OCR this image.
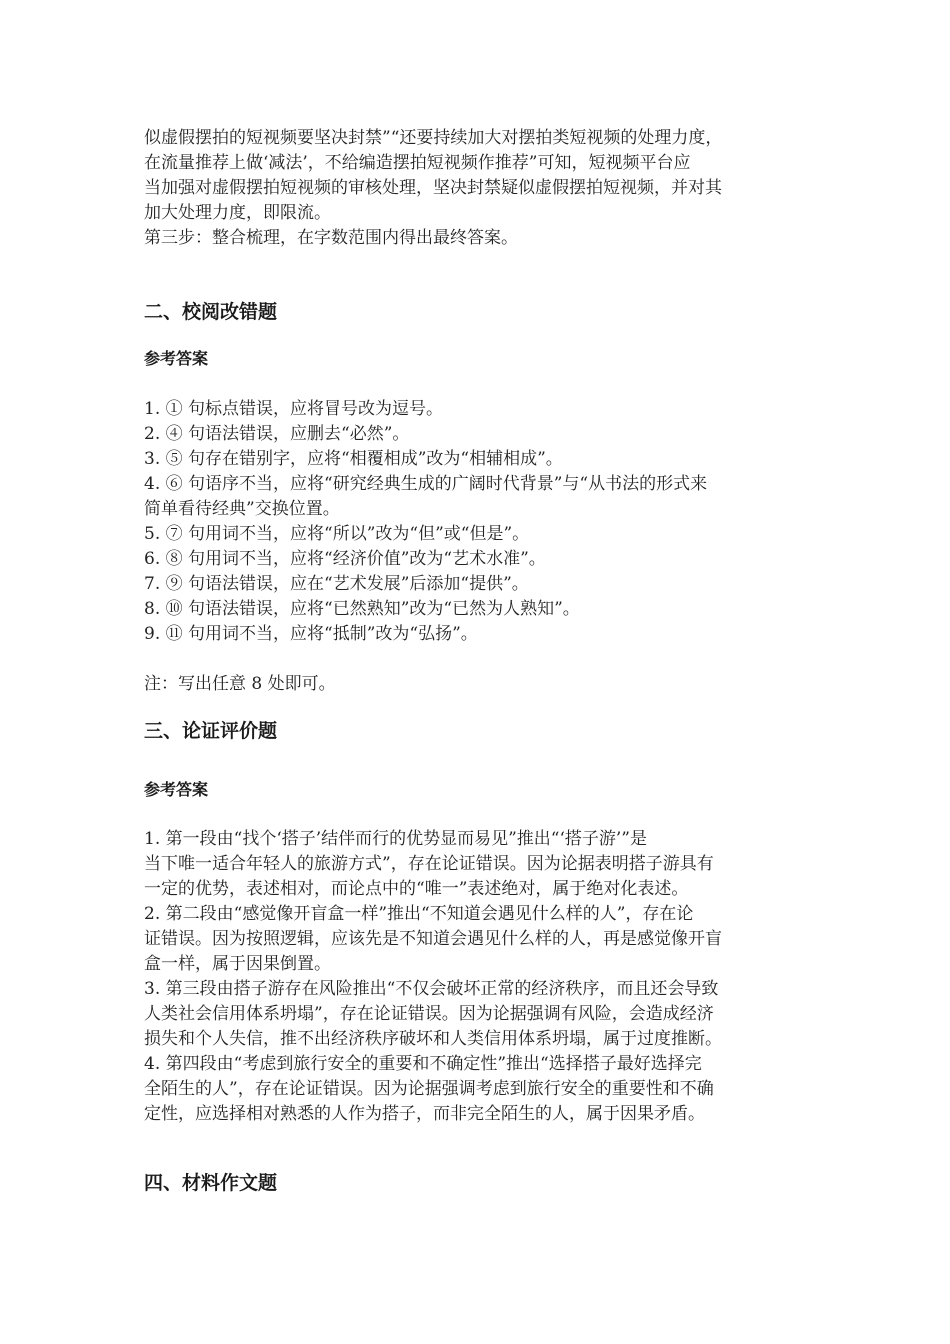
似虚假摆拍的短视频要坚决封禁”“还要持续加大对摆拍类短视频的处理力度，

在流量推荐上做‘减法’，不给编造摆拍短视频作推荐”可知，短视频平台应

当加强对虚假摆拍短视频的审核处理，坚决封禁疑似虚假摆拍短视频，并对其

加大处理力度，即限流。

第三步：整合梳理，在字数范围内得出最终答案。

二、校阅改错题
参考答案
1. ① 句标点错误，应将冒号改为逗号。
2. ④ 句语法错误，应删去“必然”。
3. ⑤ 句存在错别字，应将“相覆相成”改为“相辅相成”。
4. ⑥ 句语序不当，应将“研究经典生成的广阔时代背景”与“从书法的形式来
简单看待经典”交换位置。
5. ⑦ 句用词不当，应将“所以”改为“但”或“但是”。
6. ⑧ 句用词不当，应将“经济价值”改为“艺术水准”。
7. ⑨ 句语法错误，应在“艺术发展”后添加“提供”。
8. ⑩ 句语法错误，应将“已然熟知”改为“已然为人熟知”。
9. ⑪ 句用词不当，应将“抵制”改为“弘扬”。

注：写出任意 8 处即可。

三、论证评价题
参考答案

1. 第一段由“找个‘搭子’结伴而行的优势显而易见”推出“‘搭子游’”是

当下唯一适合年轻人的旅游方式”，存在论证错误。因为论据表明搭子游具有

一定的优势，表述相对，而论点中的“唯一”表述绝对，属于绝对化表述。

2. 第二段由“感觉像开盲盒一样”推出“不知道会遇见什么样的人”，存在论

证错误。因为按照逻辑，应该先是不知道会遇见什么样的人，再是感觉像开盲

盒一样，属于因果倒置。

3. 第三段由搭子游存在风险推出“不仅会破坏正常的经济秩序，而且还会导致

人类社会信用体系坍塌”，存在论证错误。因为论据强调有风险，会造成经济

损失和个人失信，推不出经济秩序破坏和人类信用体系坍塌，属于过度推断。

4. 第四段由“考虑到旅行安全的重要和不确定性”推出“选择搭子最好选择完

全陌生的人”，存在论证错误。因为论据强调考虑到旅行安全的重要性和不确

定性，应选择相对熟悉的人作为搭子，而非完全陌生的人，属于因果矛盾。

四、材料作文题
